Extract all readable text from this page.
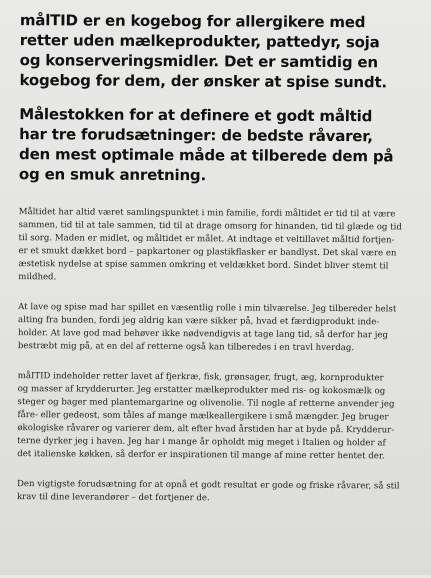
målTID er en kogebog for allergikere med
retter uden mælkeprodukter, pattedyr, soja
og konserveringsmidler. Det er samtidig en
kogebog for dem, der ønsker at spise sundt.
Målestokken for at definere et godt måltid
har tre forudsætninger: de bedste råvarer,
den mest optimale måde at tilberede dem på
og en smuk anretning.
Måltidet har altid været samlingspunktet i min familie, fordi måltidet er tid til at være
sammen, tid til at tale sammen, tid til at drage omsorg for hinanden, tid til glæde og tid
til sorg. Maden er midlet, og måltidet er målet. At indtage et veltillavet måltid fortjen-
er et smukt dækket bord – papkartoner og plastikflasker er bandlyst. Det skal være en
æstetisk nydelse at spise sammen omkring et veldækket bord. Sindet bliver stemt til
mildhed.
At lave og spise mad har spillet en væsentlig rolle i min tilværelse. Jeg tilbereder helst
alting fra bunden, fordi jeg aldrig kan være sikker på, hvad et færdigprodukt inde-
holder. At lave god mad behøver ikke nødvendigvis at tage lang tid, så derfor har jeg
bestræbt mig på, at en del af retterne også kan tilberedes i en travl hverdag.
måITID indeholder retter lavet af fjerkræ, fisk, grønsager, frugt, æg, kornprodukter
og masser af krydderurter. Jeg erstatter mælkeprodukter med ris- og kokosmælk og
steger og bager med plantemargarine og olivenolie. Til nogle af retterne anvender jeg
fåre- eller gedeost, som tåles af mange mælkeallergikere i små mængder. Jeg bruger
økologiske råvarer og varierer dem, alt efter hvad årstiden har at byde på. Krydderur-
terne dyrker jeg i haven. Jeg har i mange år opholdt mig meget i Italien og holder af
det italienske køkken, så derfor er inspirationen til mange af mine retter hentet der.
Den vigtigste forudsætning for at opnå et godt resultat er gode og friske råvarer, så stil
krav til dine leverandører – det fortjener de.
